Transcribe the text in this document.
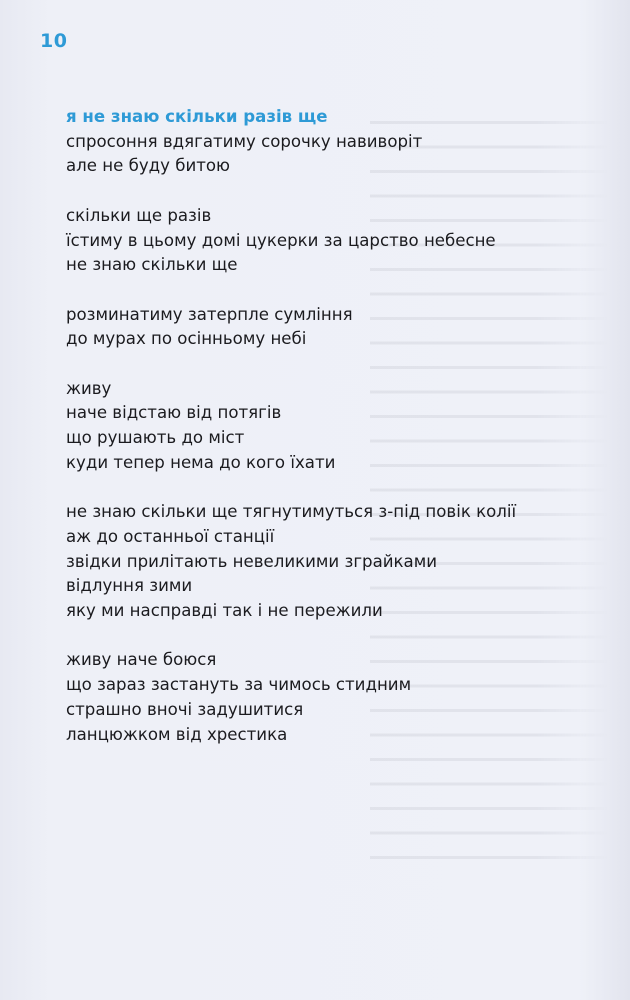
10
я не знаю скільки разів ще
спросоння вдягатиму сорочку навиворіт
але не буду битою
скільки ще разів
їстиму в цьому домі цукерки за царство небесне
не знаю скільки ще
розминатиму затерпле сумління
до мурах по осінньому небі
живу
наче відстаю від потягів
що рушають до міст
куди тепер нема до кого їхати
не знаю скільки ще тягнутимуться з-під повік колії
аж до останньої станції
звідки прилітають невеликими зграйками
відлуння зими
яку ми насправді так і не пережили
живу наче боюся
що зараз застануть за чимось стидним
страшно вночі задушитися
ланцюжком від хрестика
